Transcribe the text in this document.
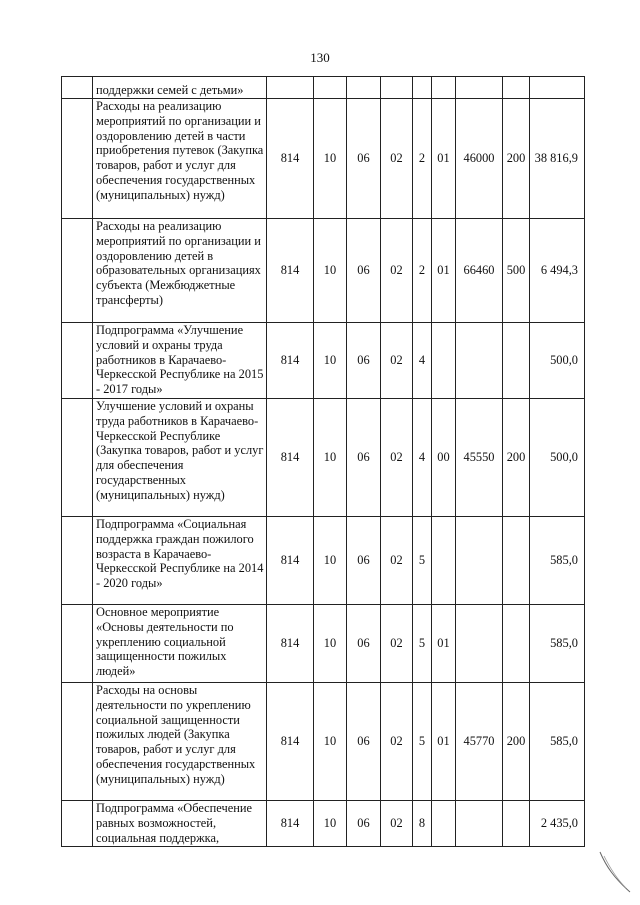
130
	поддержки семей с детьми»									
	Расходы на реализацию мероприятий по организации и оздоровлению детей в части приобретения путевок (Закупка товаров, работ и услуг для обеспечения государственных (муниципальных) нужд)	814	10	06	02	2	01	46000	200	38 816,9
	Расходы на реализацию мероприятий по организации и оздоровлению детей в образовательных организациях субъекта (Межбюджетные трансферты)	814	10	06	02	2	01	66460	500	6 494,3
	Подпрограмма «Улучшение условий и охраны труда работников в Карачаево-Черкесской Республике на 2015 - 2017 годы»	814	10	06	02	4				500,0
	Улучшение условий и охраны труда работников в Карачаево-Черкесской Республике (Закупка товаров, работ и услуг для обеспечения государственных (муниципальных) нужд)	814	10	06	02	4	00	45550	200	500,0
	Подпрограмма «Социальная поддержка граждан пожилого возраста в Карачаево-Черкесской Республике на 2014 - 2020 годы»	814	10	06	02	5				585,0
	Основное мероприятие «Основы деятельности по укреплению социальной защищенности пожилых людей»	814	10	06	02	5	01			585,0
	Расходы на основы деятельности по укреплению социальной защищенности пожилых людей (Закупка товаров, работ и услуг для обеспечения государственных (муниципальных) нужд)	814	10	06	02	5	01	45770	200	585,0
	Подпрограмма «Обеспечение равных возможностей, социальная поддержка,	814	10	06	02	8				2 435,0
